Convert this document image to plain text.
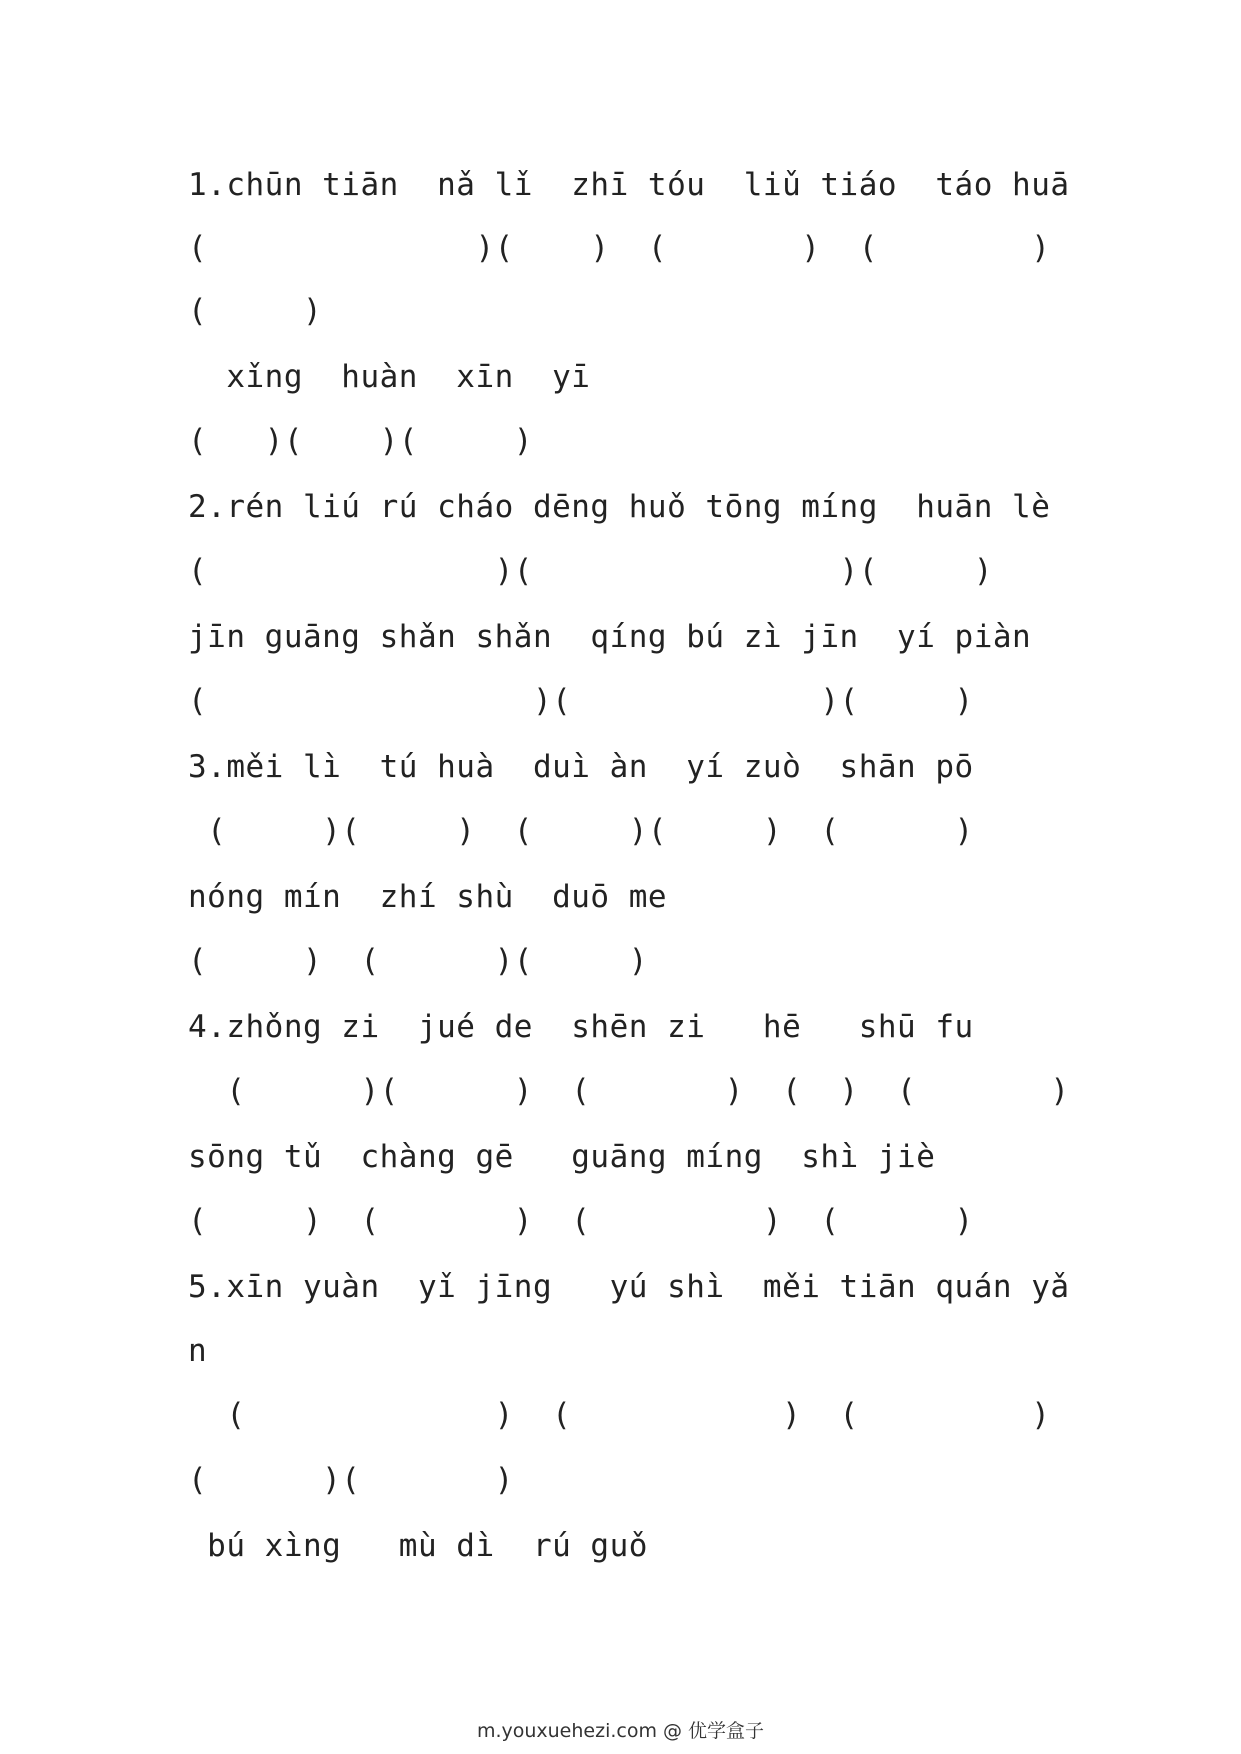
1.chūn tiān  nǎ lǐ  zhī tóu  liǔ tiáo  táo huā
(              )(    )  (       )  (        )
(     )
xǐng  huàn  xīn  yī
(   )(    )(     )
2.rén liú rú cháo dēng huǒ tōng míng  huān lè
(               )(                )(     )
jīn guāng shǎn shǎn  qíng bú zì jīn  yí piàn
(                 )(             )(     )
3.měi lì  tú huà  duì àn  yí zuò  shān pō
(     )(     )  (     )(     )  (      )
nóng mín  zhí shù  duō me
(     )  (      )(     )
4.zhǒng zi  jué de  shēn zi   hē   shū fu
(      )(      )  (       )  (  )  (       )
sōng tǔ  chàng gē   guāng míng  shì jiè
(     )  (       )  (         )  (      )
5.xīn yuàn  yǐ jīng   yú shì  měi tiān quán yǎ
n
(             )  (           )  (         )
(      )(       )
bú xìng   mù dì  rú guǒ
m.youxuehezi.com @ 优学盒子
